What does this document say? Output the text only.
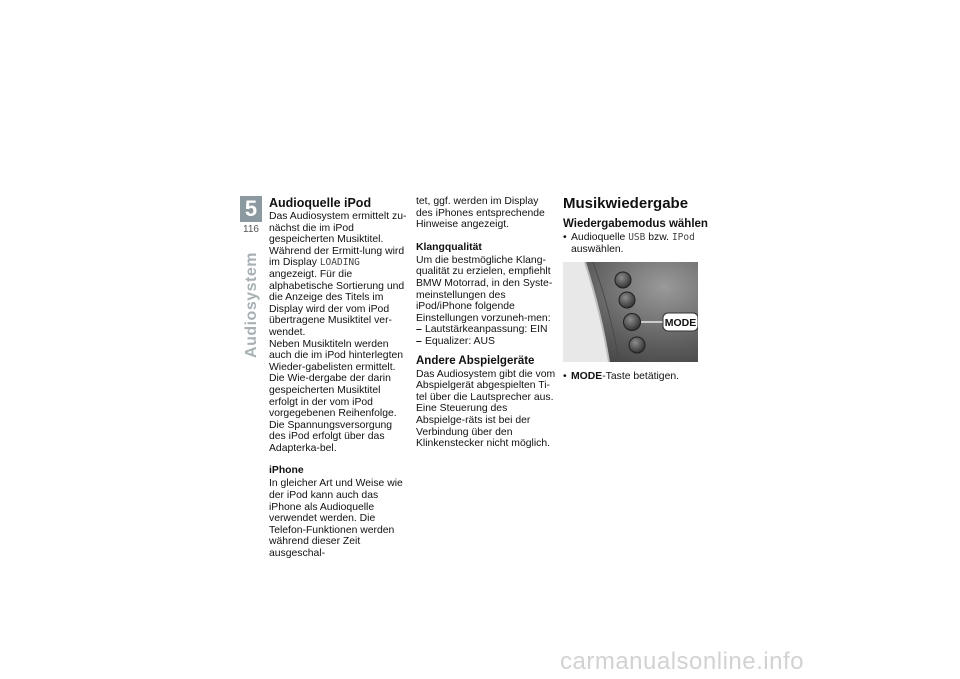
5
116
Audiosystem
Audioquelle iPod

Das Audiosystem ermittelt zu-nächst die im iPod gespeicherten Musiktitel. Während der Ermitt-lung wird im Display LOADING angezeigt. Für die alphabetische Sortierung und die Anzeige des Titels im Display wird der vom iPod übertragene Musiktitel ver-wendet.

Neben Musiktiteln werden auch die im iPod hinterlegten Wieder-gabelisten ermittelt. Die Wie-dergabe der darin gespeicherten Musiktitel erfolgt in der vom iPod vorgegebenen Reihenfolge.

Die Spannungsversorgung des iPod erfolgt über das Adapterka-bel.

iPhone

In gleicher Art und Weise wie der iPod kann auch das iPhone als Audioquelle verwendet werden. Die Telefon-Funktionen werden während dieser Zeit ausgeschal-

tet, ggf. werden im Display des iPhones entsprechende Hinweise angezeigt.

Klangqualität

Um die bestmögliche Klang-qualität zu erzielen, empfiehlt BMW Motorrad, in den Syste-meinstellungen des iPod/iPhone folgende Einstellungen vorzuneh-men:

– Lautstärkeanpassung: EIN
– Equalizer: AUS
Andere Abspielgeräte

Das Audiosystem gibt die vom Abspielgerät abgespielten Ti-tel über die Lautsprecher aus. Eine Steuerung des Abspielge-räts ist bei der Verbindung über den Klinkenstecker nicht möglich.

Musikwiedergabe
Wiedergabemodus wählen
• Audioquelle USB bzw. IPod auswählen.
MODE
• MODE-Taste betätigen.
carmanualsonline.info
